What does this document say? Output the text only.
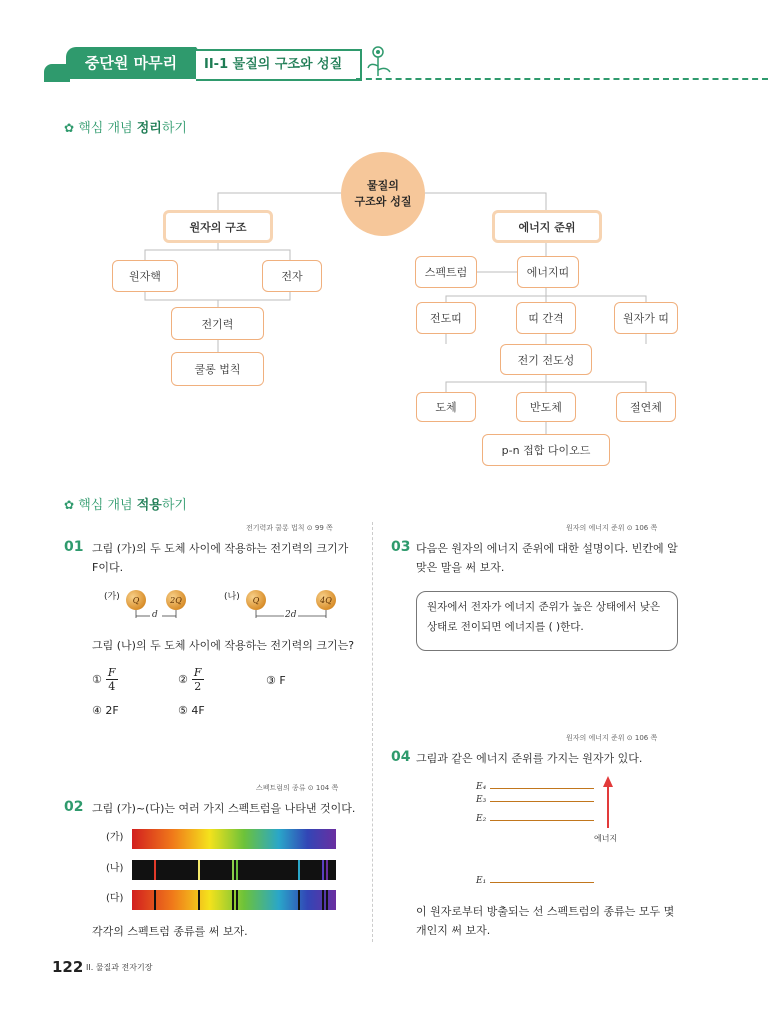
중단원 마무리	II-1 물질의 구조와 성질
✿ 핵심 개념 정리하기
물질의
구조와 성질
원자의 구조
원자핵	전자
전기력
쿨롱 법칙
에너지 준위
스펙트럼	에너지띠
전도띠	띠 간격	원자가 띠
전기 전도성
도체	반도체	절연체
p-n 접합 다이오드
✿ 핵심 개념 적용하기
전기력과 쿨롱 법칙 ⊙ 99 쪽
01 그림 (가)의 두 도체 사이에 작용하는 전기력의 크기가
F이다.
(가)	(나)
Q	2Q	Q	4Q
d	2d
그림 (나)의 두 도체 사이에 작용하는 전기력의 크기는?
① F
4
② F
2	③ F
④ 2F	⑤ 4F
스펙트럼의 종류 ⊙ 104 쪽
02 그림 (가)~(다)는 여러 가지 스펙트럼을 나타낸 것이다.
(가)
(나)
(다)
각각의 스펙트럼 종류를 써 보자.
원자의 에너지 준위 ⊙ 106 쪽
03 다음은 원자의 에너지 준위에 대한 설명이다. 빈칸에 알
맞은 말을 써 보자.
원자에서 전자가 에너지 준위가 높은 상태에서 낮은
상태로 전이되면 에너지를 ( )한다.
원자의 에너지 준위 ⊙ 106 쪽
04 그림과 같은 에너지 준위를 가지는 원자가 있다.
E₄
E₃
E₂
E₁
에너지
이 원자로부터 방출되는 선 스펙트럼의 종류는 모두 몇
개인지 써 보자.
122 II. 물질과 전자기장
